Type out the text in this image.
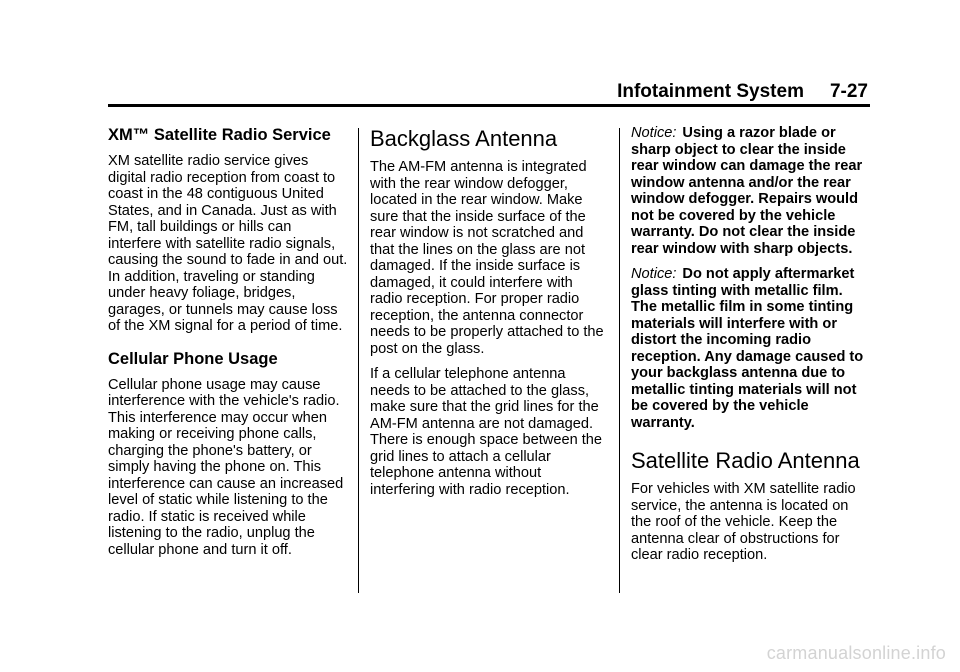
Infotainment System 7-27
XM™ Satellite Radio Service

XM satellite radio service gives digital radio reception from coast to coast in the 48 contiguous United States, and in Canada. Just as with FM, tall buildings or hills can interfere with satellite radio signals, causing the sound to fade in and out. In addition, traveling or standing under heavy foliage, bridges, garages, or tunnels may cause loss of the XM signal for a period of time.

Cellular Phone Usage

Cellular phone usage may cause interference with the vehicle's radio. This interference may occur when making or receiving phone calls, charging the phone's battery, or simply having the phone on. This interference can cause an increased level of static while listening to the radio. If static is received while listening to the radio, unplug the cellular phone and turn it off.

Backglass Antenna

The AM-FM antenna is integrated with the rear window defogger, located in the rear window. Make sure that the inside surface of the rear window is not scratched and that the lines on the glass are not damaged. If the inside surface is damaged, it could interfere with radio reception. For proper radio reception, the antenna connector needs to be properly attached to the post on the glass.

If a cellular telephone antenna needs to be attached to the glass, make sure that the grid lines for the AM-FM antenna are not damaged. There is enough space between the grid lines to attach a cellular telephone antenna without interfering with radio reception.

Notice: Using a razor blade or sharp object to clear the inside rear window can damage the rear window antenna and/or the rear window defogger. Repairs would not be covered by the vehicle warranty. Do not clear the inside rear window with sharp objects.

Notice: Do not apply aftermarket glass tinting with metallic film. The metallic film in some tinting materials will interfere with or distort the incoming radio reception. Any damage caused to your backglass antenna due to metallic tinting materials will not be covered by the vehicle warranty.

Satellite Radio Antenna

For vehicles with XM satellite radio service, the antenna is located on the roof of the vehicle. Keep the antenna clear of obstructions for clear radio reception.

carmanualsonline.info
